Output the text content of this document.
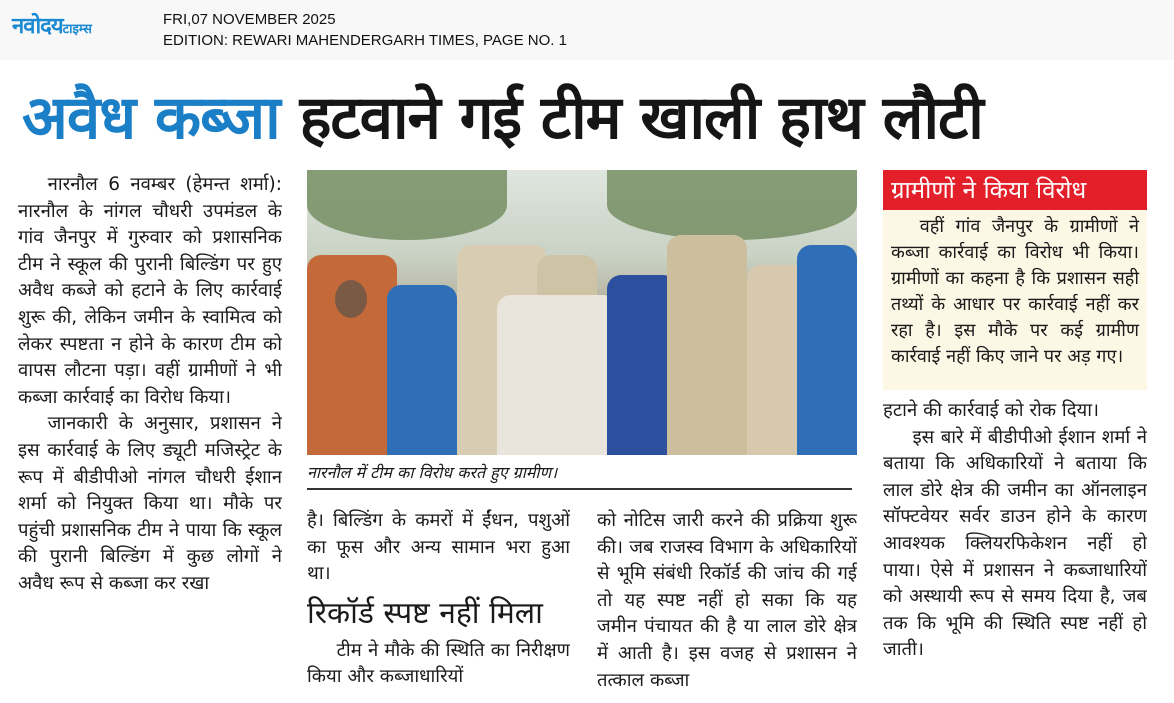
नवोदयटाइम्स
FRI,07 NOVEMBER 2025
EDITION: REWARI MAHENDERGARH TIMES, PAGE NO. 1
अवैध कब्जा हटवाने गई टीम खाली हाथ लौटी

नारनौल 6 नवम्बर (हेमन्त शर्मा): नारनौल के नांगल चौधरी उपमंडल के गांव जैनपुर में गुरुवार को प्रशासनिक टीम ने स्कूल की पुरानी बिल्डिंग पर हुए अवैध कब्जे को हटाने के लिए कार्रवाई शुरू की, लेकिन जमीन के स्वामित्व को लेकर स्पष्टता न होने के कारण टीम को वापस लौटना पड़ा। वहीं ग्रामीणों ने भी कब्जा कार्रवाई का विरोध किया।

जानकारी के अनुसार, प्रशासन ने इस कार्रवाई के लिए ड्यूटी मजिस्ट्रेट के रूप में बीडीपीओ नांगल चौधरी ईशान शर्मा को नियुक्त किया था। मौके पर पहुंची प्रशासनिक टीम ने पाया कि स्कूल की पुरानी बिल्डिंग में कुछ लोगों ने अवैध रूप से कब्जा कर रखा

नारनौल में टीम का विरोध करते हुए ग्रामीण।

है। बिल्डिंग के कमरों में ईंधन, पशुओं का फूस और अन्य सामान भरा हुआ था।

रिकॉर्ड स्पष्ट नहीं मिला

टीम ने मौके की स्थिति का निरीक्षण किया और कब्जाधारियों

को नोटिस जारी करने की प्रक्रिया शुरू की। जब राजस्व विभाग के अधिकारियों से भूमि संबंधी रिकॉर्ड की जांच की गई तो यह स्पष्ट नहीं हो सका कि यह जमीन पंचायत की है या लाल डोरे क्षेत्र में आती है। इस वजह से प्रशासन ने तत्काल कब्जा

ग्रामीणों ने किया विरोध

वहीं गांव जैनपुर के ग्रामीणों ने कब्जा कार्रवाई का विरोध भी किया। ग्रामीणों का कहना है कि प्रशासन सही तथ्यों के आधार पर कार्रवाई नहीं कर रहा है। इस मौके पर कई ग्रामीण कार्रवाई नहीं किए जाने पर अड़ गए।

हटाने की कार्रवाई को रोक दिया।

इस बारे में बीडीपीओ ईशान शर्मा ने बताया कि अधिकारियों ने बताया कि लाल डोरे क्षेत्र की जमीन का ऑनलाइन सॉफ्टवेयर सर्वर डाउन होने के कारण आवश्यक क्लियरफिकेशन नहीं हो पाया। ऐसे में प्रशासन ने कब्जाधारियों को अस्थायी रूप से समय दिया है, जब तक कि भूमि की स्थिति स्पष्ट नहीं हो जाती।
